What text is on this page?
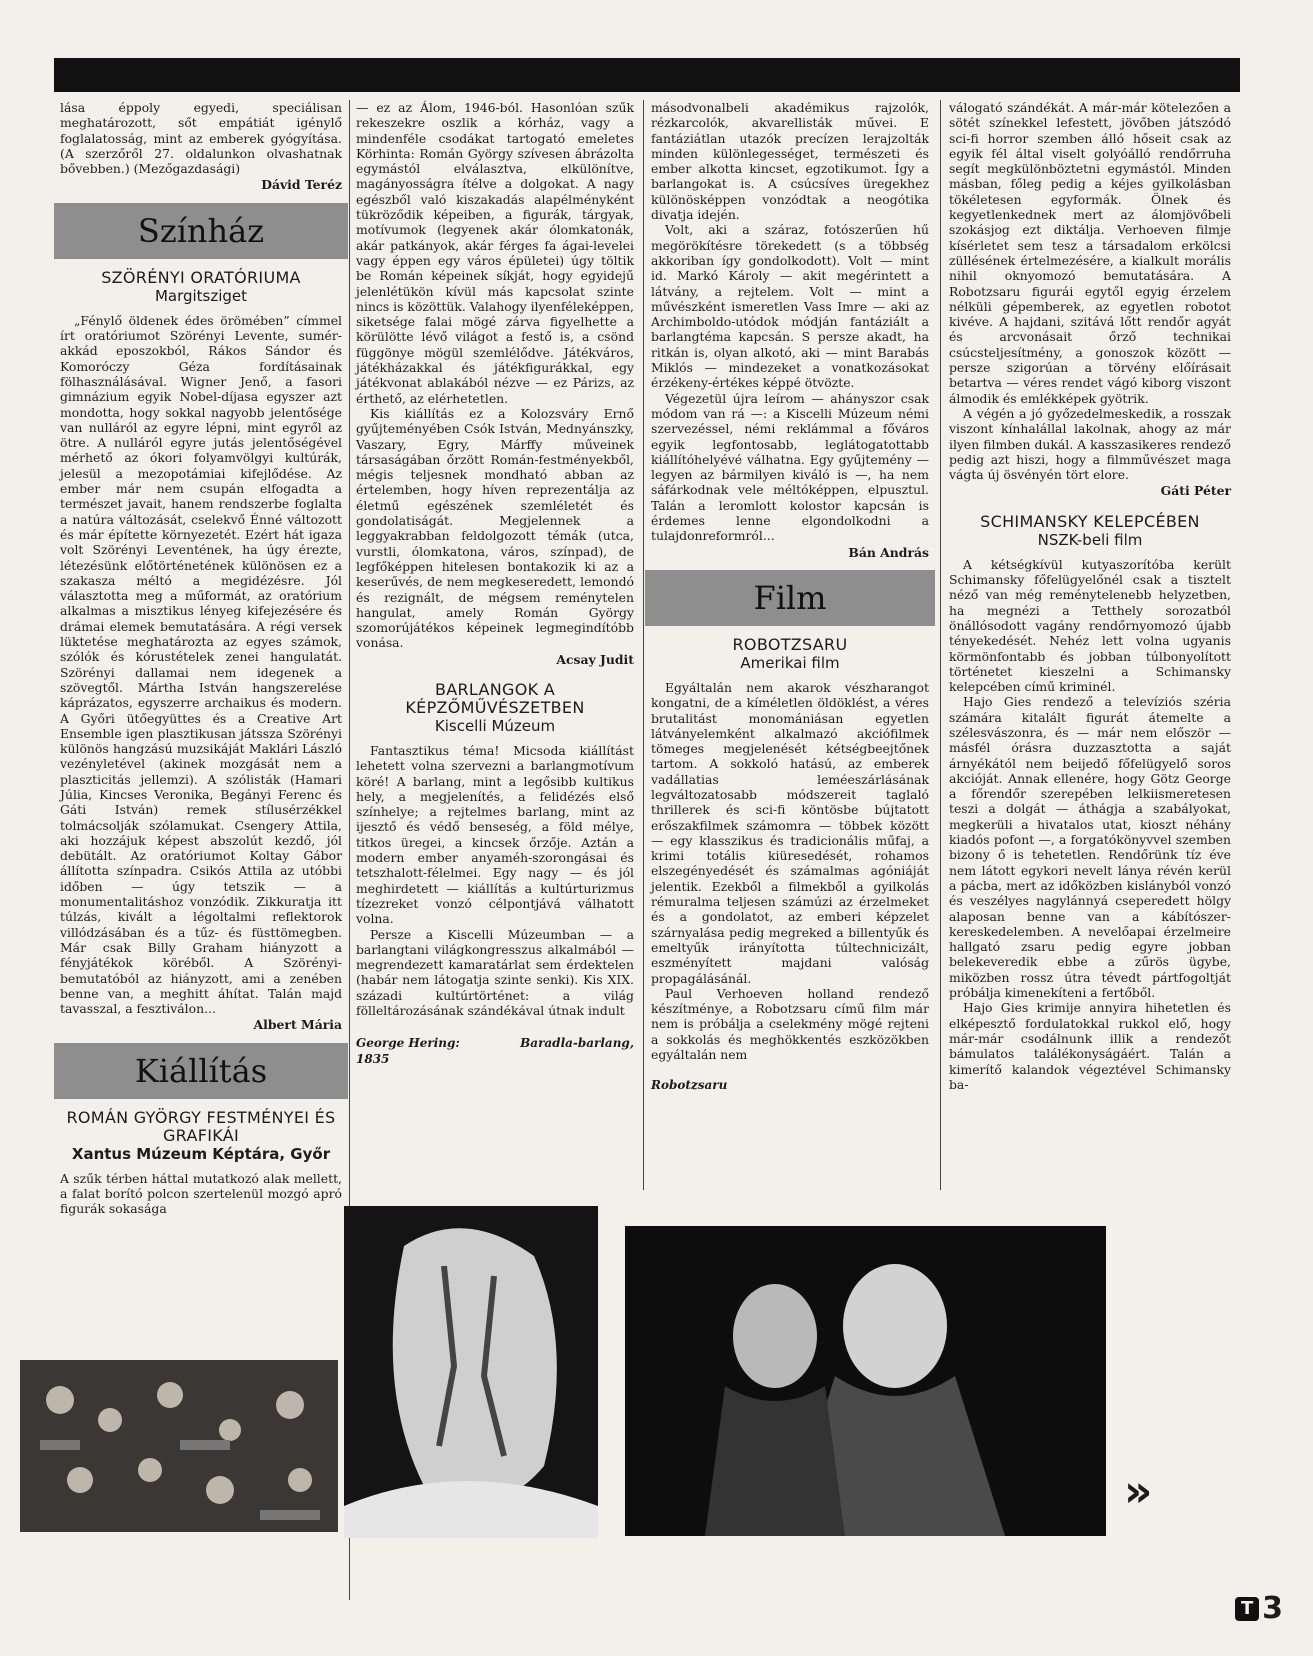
lása éppoly egyedi, speciálisan meghatározott, sőt empátiát igénylő foglalatosság, mint az emberek gyógyítása. (A szerzőről 27. oldalunkon olvashatnak bővebben.) (Mezőgazdasági)

Dávid Teréz
Színház
SZÖRÉNYI ORATÓRIUMA
Margitsziget

„Fénylő öldenek édes örömében” címmel írt oratóriumot Szörényi Levente, sumér-akkád eposzokból, Rákos Sándor és Komoróczy Géza fordításainak fölhasználásával. Wigner Jenő, a fasori gimnázium egyik Nobel-díjasa egyszer azt mondotta, hogy sokkal nagyobb jelentősége van nulláról az egyre lépni, mint egyről az ötre. A nulláról egyre jutás jelentőségével mérhető az ókori folyamvölgyi kultúrák, jelesül a mezopotámiai kifejlődése. Az ember már nem csupán elfogadta a természet javait, hanem rendszerbe foglalta a natúra változását, cselekvő Énné változott és már építette környezetét. Ezért hát igaza volt Szörényi Leventének, ha úgy érezte, létezésünk előtörténetének különösen ez a szakasza méltó a megidézésre. Jól választotta meg a műformát, az oratórium alkalmas a misztikus lényeg kifejezésére és drámai elemek bemutatására. A régi versek lüktetése meghatározta az egyes számok, szólók és kórustételek zenei hangulatát. Szörényi dallamai nem idegenek a szövegtől. Mártha István hangszerelése káprázatos, egyszerre archaikus és modern. A Győri ütőegyüttes és a Creative Art Ensemble igen plasztikusan játssza Szörényi különös hangzású muzsikáját Maklári László vezényletével (akinek mozgását nem a plaszticitás jellemzi). A szólisták (Hamari Júlia, Kincses Veronika, Begányi Ferenc és Gáti István) remek stílusérzékkel tolmácsolják szólamukat. Csengery Attila, aki hozzájuk képest abszolút kezdő, jól debütált. Az oratóriumot Koltay Gábor állította színpadra. Csikós Attila az utóbbi időben — úgy tetszik — a monumentalitáshoz vonzódik. Zikkuratja itt túlzás, kivált a légoltalmi reflektorok villódzásában és a tűz- és füsttömegben. Már csak Billy Graham hiányzott a fényjátékok köréből. A Szörényi-bemutatóból az hiányzott, ami a zenében benne van, a meghitt áhítat. Talán majd tavasszal, a fesztiválon...

Albert Mária
Kiállítás
ROMÁN GYÖRGY FESTMÉNYEI ÉS GRAFIKÁI
Xantus Múzeum Képtára, Győr

A szűk térben háttal mutatkozó alak mellett, a falat borító polcon szertelenül mozgó apró figurák sokasága

— ez az Álom, 1946-ból. Hasonlóan szűk rekeszekre oszlik a kórház, vagy a mindenféle csodákat tartogató emeletes Körhinta: Román György szívesen ábrázolta egymástól elválasztva, elkülönítve, magányosságra ítélve a dolgokat. A nagy egészből való kiszakadás alapélményként tükröződik képeiben, a figurák, tárgyak, motívumok (legyenek akár ólomkatonák, akár patkányok, akár férges fa ágai-levelei vagy éppen egy város épületei) úgy töltik be Román képeinek síkját, hogy egyidejű jelenlétükön kívül más kapcsolat szinte nincs is közöttük. Valahogy ilyenféleképpen, siketsége falai mögé zárva figyelhette a körülötte lévő világot a festő is, a csönd függönye mögül szemlélődve. Játékváros, játékházakkal és játékfigurákkal, egy játékvonat ablakából nézve — ez Párizs, az érthető, az elérhetetlen.

Kis kiállítás ez a Kolozsváry Ernő gyűjteményében Csók István, Mednyánszky, Vaszary, Egry, Márffy műveinek társaságában őrzött Román-festményekből, mégis teljesnek mondható abban az értelemben, hogy híven reprezentálja az életmű egészének szemléletét és gondolatiságát. Megjelennek a leggyakrabban feldolgozott témák (utca, vurstli, ólomkatona, város, színpad), de legfőképpen hitelesen bontakozik ki az a keserűvés, de nem megkeseredett, lemondó és rezignált, de mégsem reménytelen hangulat, amely Román György szomorújátékos képeinek legmegindítóbb vonása.

Acsay Judit
BARLANGOK A KÉPZŐMŰVÉSZETBEN
Kiscelli Múzeum

Fantasztikus téma! Micsoda kiállítást lehetett volna szervezni a barlangmotívum köré! A barlang, mint a legősibb kultikus hely, a megjelenítés, a felidézés első színhelye; a rejtelmes barlang, mint az ijesztő és védő benseség, a föld mélye, titkos üregei, a kincsek őrzője. Aztán a modern ember anyaméh-szorongásai és tetszhalott-félelmei. Egy nagy — és jól meghirdetett — kiállítás a kultúrturizmus tízezreket vonzó célpontjává válhatott volna.

Persze a Kiscelli Múzeumban — a barlangtani világkongresszus alkalmából — megrendezett kamaratárlat sem érdektelen (habár nem látogatja szinte senki). Kis XIX. századi kultúrtörténet: a világ fölleltározásának szándékával útnak indult

George Hering:	Baradla-barlang,
1835

másodvonalbeli akadémikus rajzolók, rézkarcolók, akvarellisták művei. E fantáziátlan utazók precízen lerajzolták minden különlegességet, természeti és ember alkotta kincset, egzotikumot. Így a barlangokat is. A csúcsíves üregekhez különösképpen vonzódtak a neogótika divatja idején.

Volt, aki a száraz, fotószerűen hű megörökítésre törekedett (s a többség akkoriban így gondolkodott). Volt — mint id. Markó Károly — akit megérintett a látvány, a rejtelem. Volt — mint a művészként ismeretlen Vass Imre — aki az Archimboldo-utódok módján fantáziált a barlangtéma kapcsán. S persze akadt, ha ritkán is, olyan alkotó, aki — mint Barabás Miklós — mindezeket a vonatkozásokat érzékeny-értékes képpé ötvözte.

Végezetül újra leírom — ahányszor csak módom van rá —: a Kiscelli Múzeum némi szervezéssel, némi reklámmal a főváros egyik legfontosabb, leglátogatottabb kiállítóhelyévé válhatna. Egy gyűjtemény — legyen az bármilyen kiváló is —, ha nem sáfárkodnak vele méltóképpen, elpusztul. Talán a leromlott kolostor kapcsán is érdemes lenne elgondolkodni a tulajdonreformról...

Bán András
Film
ROBOTZSARU
Amerikai film

Egyáltalán nem akarok vészharangot kongatni, de a kíméletlen öldöklést, a véres brutalitást monomániásan egyetlen látványelemként alkalmazó akciófilmek tömeges megjelenését kétségbeejtőnek tartom. A sokkoló hatású, az emberek vadállatias leméeszárlásának legváltozatosabb módszereit taglaló thrillerek és sci-fi köntösbe bújtatott erőszakfilmek számomra — többek között — egy klasszikus és tradicionális műfaj, a krimi totális kiüresedését, rohamos elszegényedését és számalmas agóniáját jelentik. Ezekből a filmekből a gyilkolás rémuralma teljesen számúzi az érzelmeket és a gondolatot, az emberi képzelet szárnyalása pedig megreked a billentyűk és emeltyűk irányította túltechnicizált, eszményített majdani valóság propagálásánál.

Paul Verhoeven holland rendező készítménye, a Robotzsaru című film már nem is próbálja a cselekmény mögé rejteni a sokkolás és meghökkentés eszközökben egyáltalán nem

Robotzsaru

válogató szándékát. A már-már kötelezően a sötét színekkel lefestett, jövőben játszódó sci-fi horror szemben álló hőseit csak az egyik fél által viselt golyóálló rendőrruha segít megkülönböztetni egymástól. Minden másban, főleg pedig a kéjes gyilkolásban tökéletesen egyformák. Ölnek és kegyetlenkednek mert az álomjövőbeli szokásjog ezt diktálja. Verhoeven filmje kísérletet sem tesz a társadalom erkölcsi züllésének értelmezésére, a kialkult morális nihil oknyomozó bemutatására. A Robotzsaru figurái egytől egyig érzelem nélküli gépemberek, az egyetlen robotot kivéve. A hajdani, szitává lőtt rendőr agyát és arcvonásait őrző technikai csúcsteljesítmény, a gonoszok között — persze szigorúan a törvény előírásait betartva — véres rendet vágó kiborg viszont álmodik és emlékképek gyötrik.

A végén a jó győzedelmeskedik, a rosszak viszont kínhalállal lakolnak, ahogy az már ilyen filmben dukál. A kasszasikeres rendező pedig azt hiszi, hogy a filmművészet maga vágta új ösvényén tört elore.

Gáti Péter
SCHIMANSKY KELEPCÉBEN
NSZK-beli film

A kétségkívül kutyaszorítóba került Schimansky főfelügyelőnél csak a tisztelt néző van még reménytelenebb helyzetben, ha megnézi a Tetthely sorozatból önállósodott vagány rendőrnyomozó újabb tényekedését. Nehéz lett volna ugyanis körmönfontabb és jobban túlbonyolított történetet kieszelni a Schimansky kelepcében című kriminél.

Hajo Gies rendező a televíziós széria számára kitalált figurát átemelte a szélesvászonra, és — már nem először — másfél órásra duzzasztotta a saját árnyékától nem beijedő főfelügyelő soros akcióját. Annak ellenére, hogy Götz George a főrendőr szerepében lelkiismeretesen teszi a dolgát — áthágja a szabályokat, megkerüli a hivatalos utat, kioszt néhány kiadós pofont —, a forgatókönyvvel szemben bizony ő is tehetetlen. Rendőrünk tíz éve nem látott egykori nevelt lánya révén kerül a pácba, mert az időközben kislányból vonzó és veszélyes nagylánnyá cseperedett hölgy alaposan benne van a kábítószer-kereskedelemben. A nevelőapai érzelmeire hallgató zsaru pedig egyre jobban belekeveredik ebbe a zűrös ügybe, miközben rossz útra tévedt pártfogoltját próbálja kimenekíteni a fertőből.

Hajo Gies krimije annyira hihetetlen és elképesztő fordulatokkal rukkol elő, hogy már-már csodálnunk illik a rendezőt bámulatos találékonyságáért. Talán a kimerítő kalandok végeztével Schimansky ba-

»
T 3
